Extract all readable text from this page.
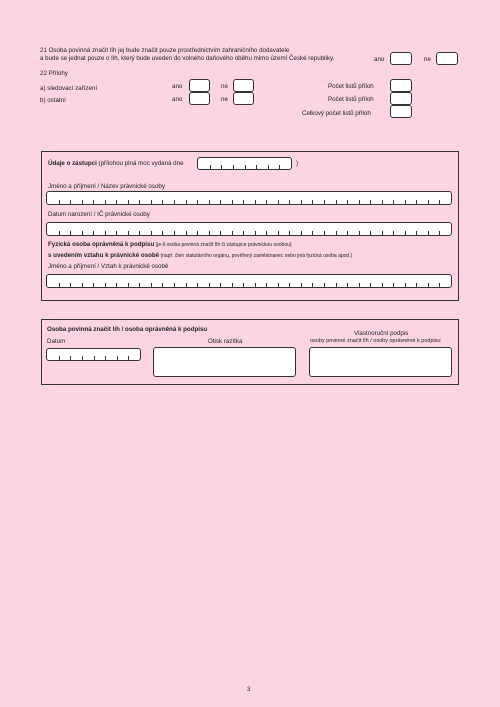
21 Osoba povinná značit líh jej bude značit pouze prostřednictvím zahraničního dodavatele
a bude se jednat pouze o líh, který bude uveden do volného daňového oběhu mimo území České republiky.	ano	ne
22 Přílohy
a) sledovací zařízení	ano	ne	Počet listů příloh
b) ostatní	ano	ne	Počet listů příloh
Celkový počet listů příloh
Údaje o zástupci (přílohou plná moc vydaná dne	)
Jméno a příjmení / Název právnické osoby
Datum narození / IČ právnické osoby
Fyzická osoba oprávněná k podpisu (je-li osoba povinná značit líh či zástupce právnickou osobou)
s uvedením vztahu k právnické osobě (např. člen statutárního orgánu, pověřený zaměstnanec nebo jiná fyzická osoba apod.)
Jméno a příjmení / Vztah k právnické osobě
Osoba povinná značit líh / osoba oprávněná k podpisu
Datum	Otisk razítka
Vlastnoruční podpis
osoby povinné značit líh / osoby oprávněné k podpisu
3
